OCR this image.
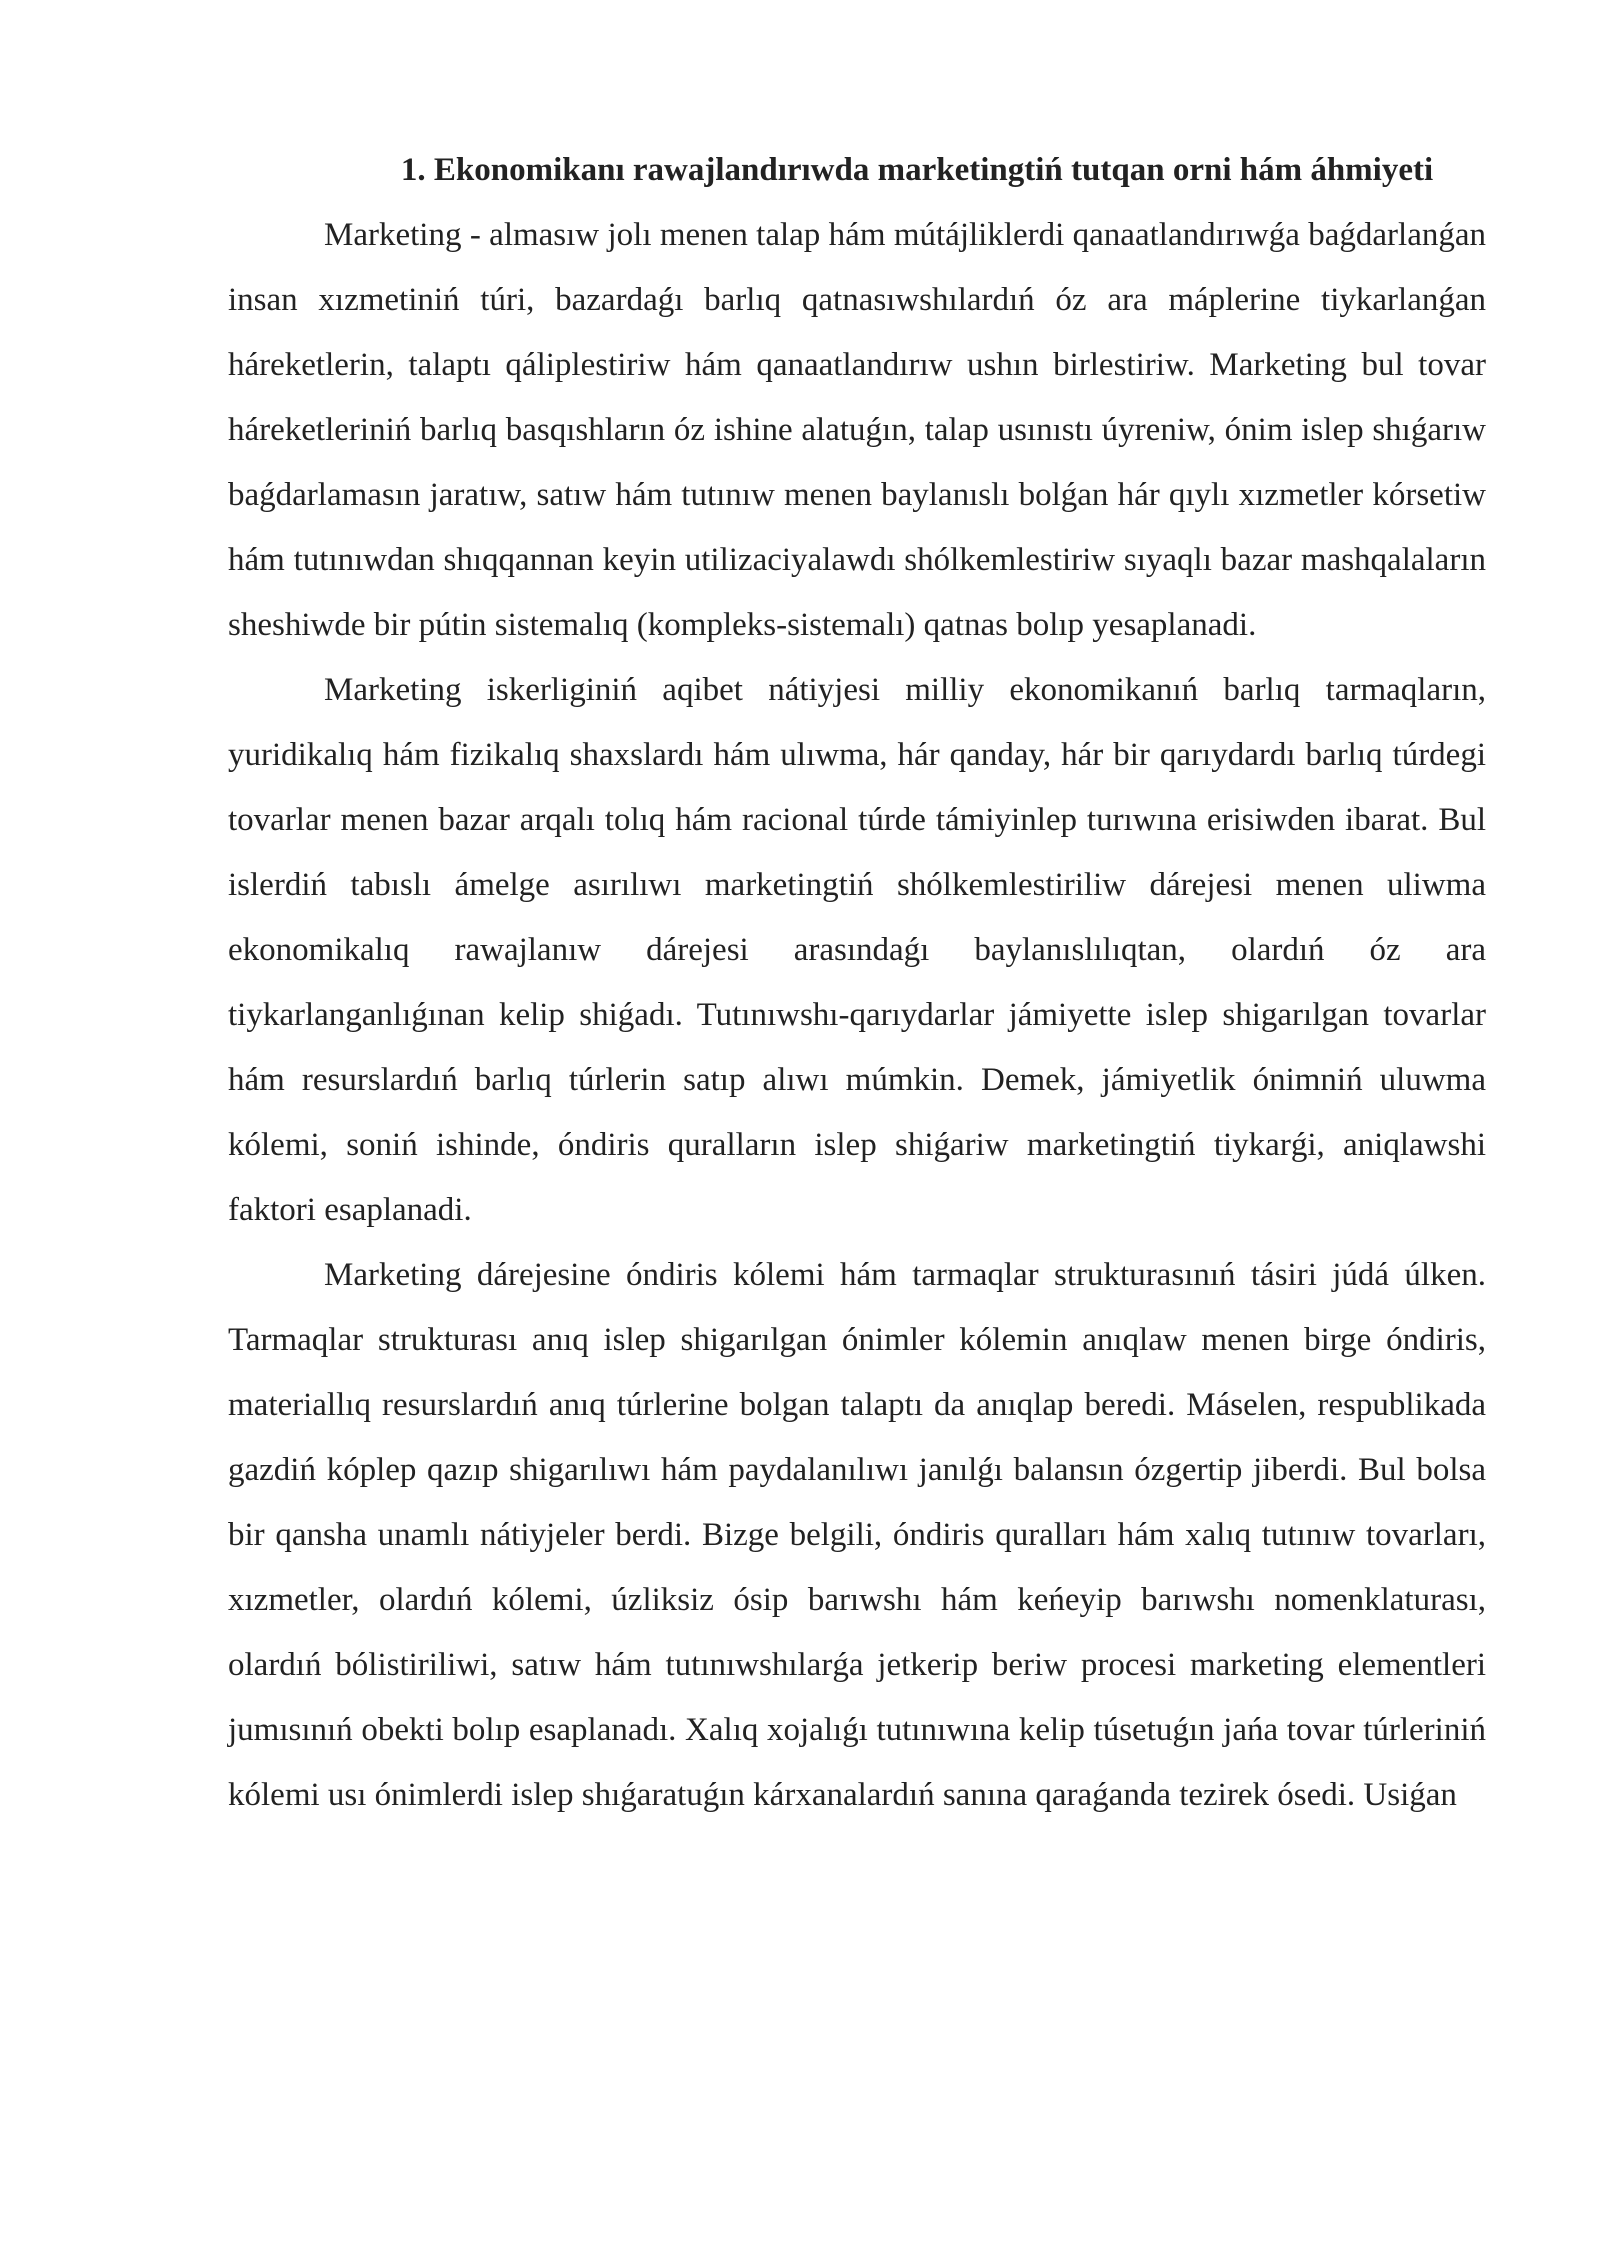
1. Ekonomikanı rawajlandırıwda marketingtiń tutqan orni hám áhmiyeti

Marketing - almasıw jolı menen talap hám mútájliklerdi qanaatlandırıwǵa baǵdarlanǵan insan xızmetiniń túri, bazardaǵı barlıq qatnasıwshılardıń óz ara máplerine tiykarlanǵan háreketlerin, talaptı qáliplestiriw hám qanaatlandırıw ushın birlestiriw. Marketing bul tovar háreketleriniń barlıq basqıshların óz ishine alatuǵın, talap usınıstı úyreniw, ónim islep shıǵarıw baǵdarlamasın jaratıw, satıw hám tutınıw menen baylanıslı bolǵan hár qıylı xızmetler kórsetiw hám tutınıwdan shıqqannan keyin utilizaciyalawdı shólkemlestiriw sıyaqlı bazar mashqalaların sheshiwde bir pútin sistemalıq (kompleks-sistemalı) qatnas bolıp yesaplanadi.

Marketing iskerliginiń aqibet nátiyjesi milliy ekonomikanıń barlıq tarmaqların, yuridikalıq hám fizikalıq shaxslardı hám ulıwma, hár qanday, hár bir qarıydardı barlıq túrdegi tovarlar menen bazar arqalı tolıq hám racional túrde támiyinlep turıwına erisiwden ibarat. Bul islerdiń tabıslı ámelge asırılıwı marketingtiń shólkemlestiriliw dárejesi menen uliwma ekonomikalıq rawajlanıw dárejesi arasındaǵı baylanıslılıqtan, olardıń óz ara tiykarlanganlıǵınan kelip shiǵadı. Tutınıwshı-qarıydarlar jámiyette islep shigarılgan tovarlar hám resurslardıń barlıq túrlerin satıp alıwı múmkin. Demek, jámiyetlik ónimniń uluwma kólemi, soniń ishinde, óndiris quralların islep shiǵariw marketingtiń tiykarǵi, aniqlawshi faktori esaplanadi.

Marketing dárejesine óndiris kólemi hám tarmaqlar strukturasınıń tásiri júdá úlken. Tarmaqlar strukturası anıq islep shigarılgan ónimler kólemin anıqlaw menen birge óndiris, materiallıq resurslardıń anıq túrlerine bolgan talaptı da anıqlap beredi. Máselen, respublikada gazdiń kóplep qazıp shigarılıwı hám paydalanılıwı janılǵı balansın ózgertip jiberdi. Bul bolsa bir qansha unamlı nátiyjeler berdi. Bizge belgili, óndiris quralları hám xalıq tutınıw tovarları, xızmetler, olardıń kólemi, úzliksiz ósip barıwshı hám keńeyip barıwshı nomenklaturası, olardıń bólistiriliwi, satıw hám tutınıwshılarǵa jetkerip beriw procesi marketing elementleri jumısınıń obekti bolıp esaplanadı. Xalıq xojalıǵı tutınıwına kelip túsetuǵın jańa tovar túrleriniń kólemi usı ónimlerdi islep shıǵaratuǵın kárxanalardıń sanına qaraǵanda tezirek ósedi. Usiǵan
